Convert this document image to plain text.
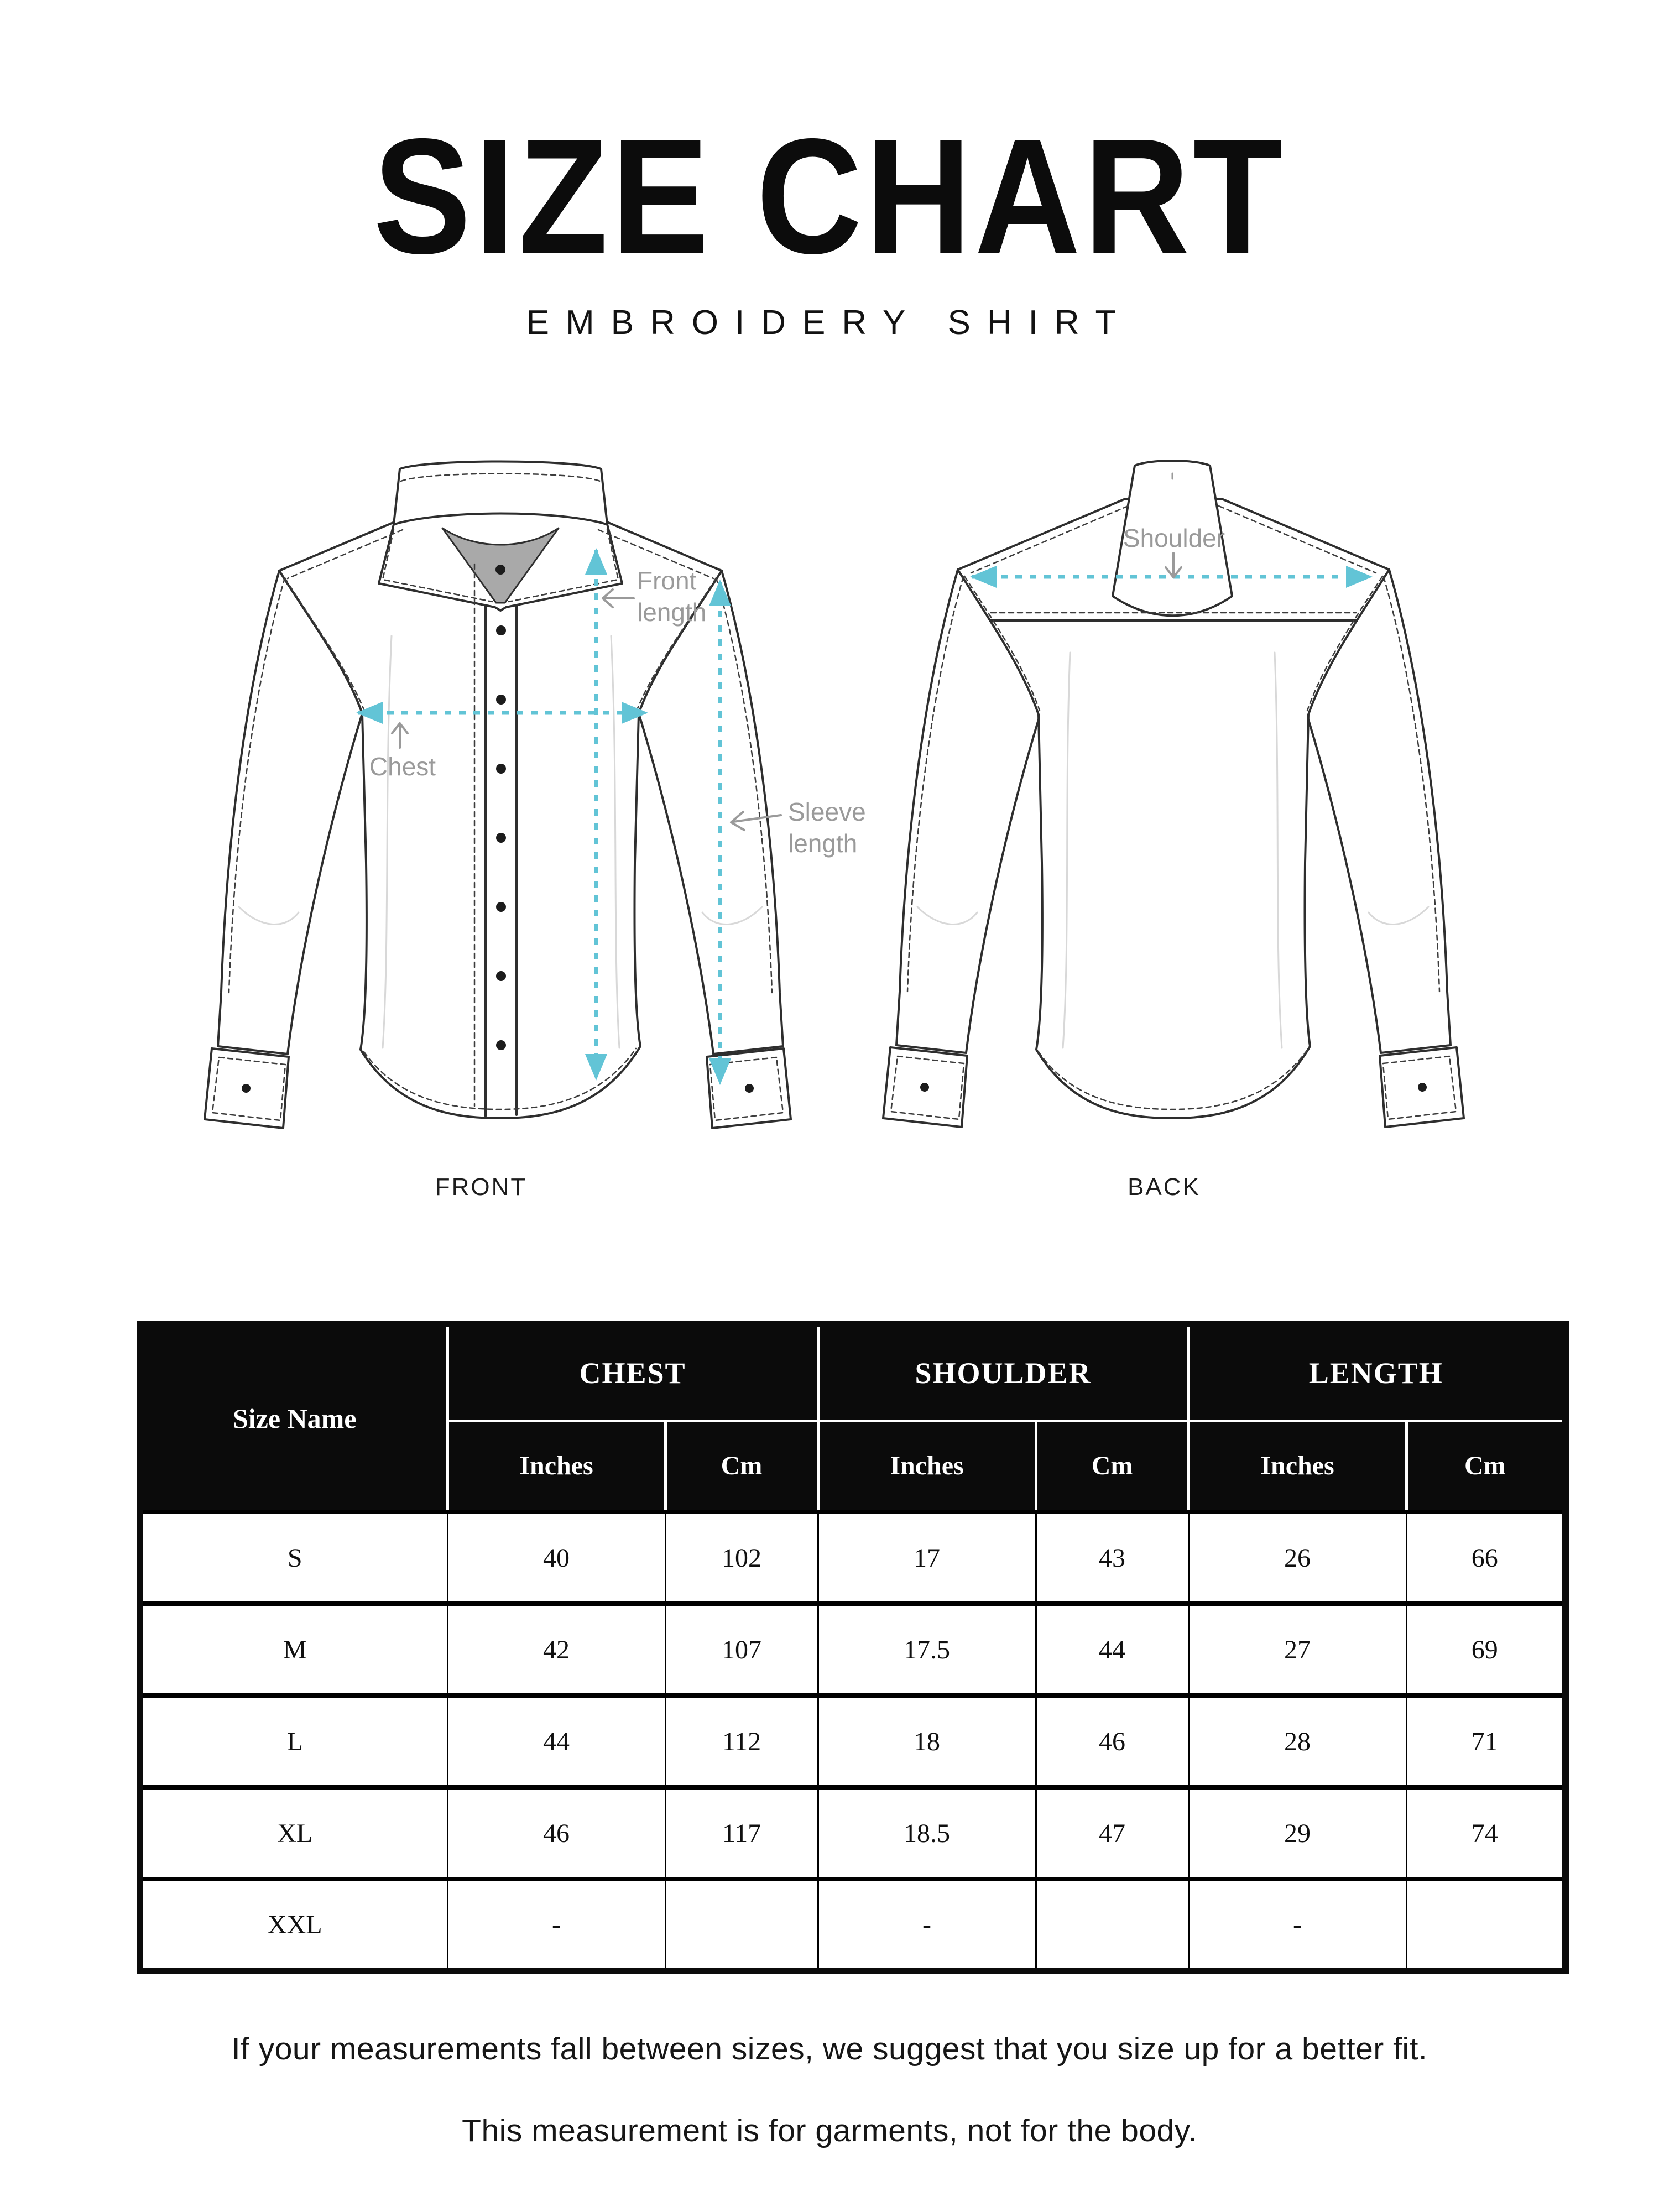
SIZE CHART
EMBROIDERY SHIRT
Front length
Chest
Sleeve length
Shoulder
FRONT	BACK
Size Name	CHEST		SHOULDER		LENGTH	
	Inches	Cm	Inches	Cm	Inches	Cm
S	40	102	17	43	26	66
M	42	107	17.5	44	27	69
L	44	112	18	46	28	71
XL	46	117	18.5	47	29	74
XXL	-		-		-	
If your measurements fall between sizes, we suggest that you size up for a better fit.
This measurement is for garments, not for the body.
